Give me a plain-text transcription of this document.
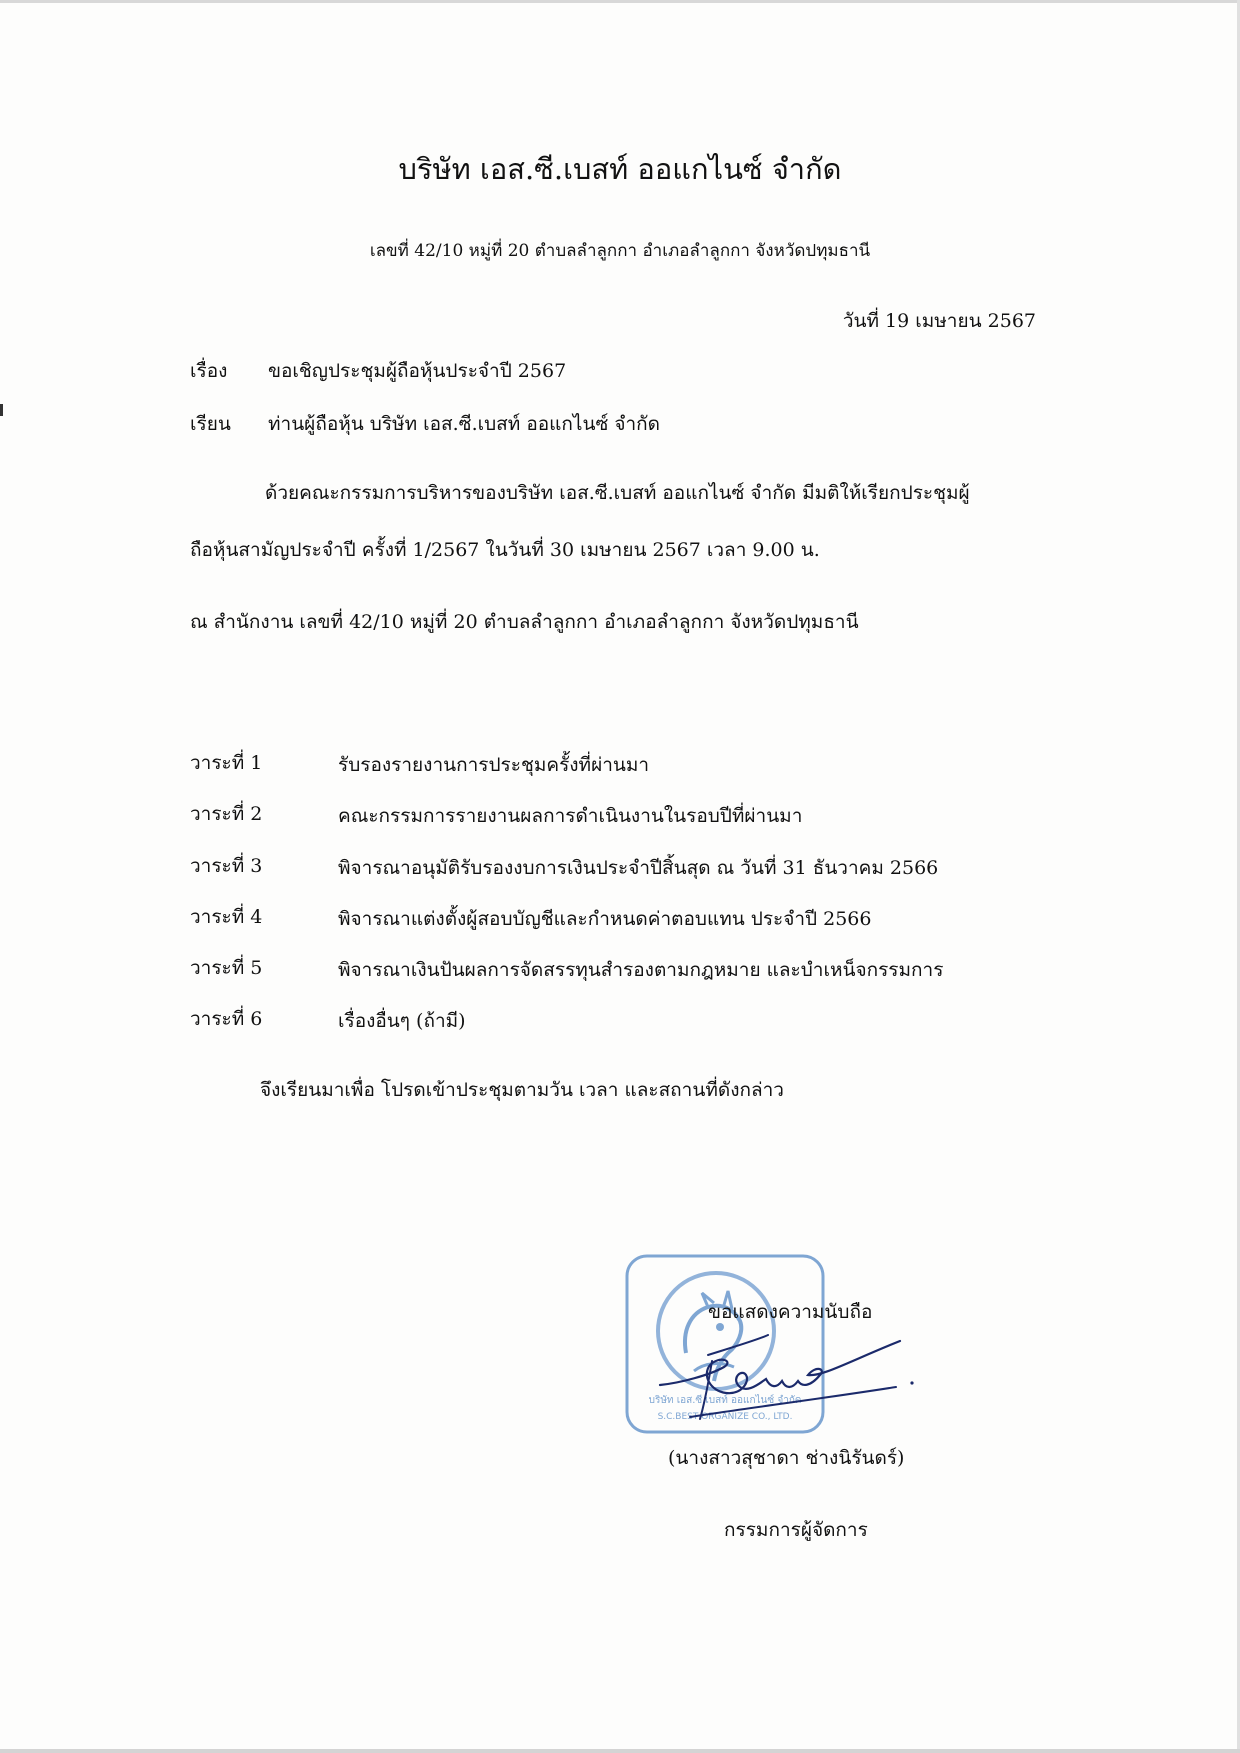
บริษัท เอส.ซี.เบสท์ ออแกไนซ์ จำกัด
เลขที่ 42/10 หมู่ที่ 20 ตำบลลำลูกกา อำเภอลำลูกกา จังหวัดปทุมธานี
วันที่ 19 เมษายน 2567
เรื่อง ขอเชิญประชุมผู้ถือหุ้นประจำปี 2567
เรียน ท่านผู้ถือหุ้น บริษัท เอส.ซี.เบสท์ ออแกไนซ์ จำกัด
ด้วยคณะกรรมการบริหารของบริษัท เอส.ซี.เบสท์ ออแกไนซ์ จำกัด มีมติให้เรียกประชุมผู้
ถือหุ้นสามัญประจำปี ครั้งที่ 1/2567 ในวันที่ 30 เมษายน 2567 เวลา 9.00 น.
ณ สำนักงาน เลขที่ 42/10 หมู่ที่ 20 ตำบลลำลูกกา อำเภอลำลูกกา จังหวัดปทุมธานี
วาระที่ 1	รับรองรายงานการประชุมครั้งที่ผ่านมา
วาระที่ 2	คณะกรรมการรายงานผลการดำเนินงานในรอบปีที่ผ่านมา
วาระที่ 3	พิจารณาอนุมัติรับรองงบการเงินประจำปีสิ้นสุด ณ วันที่ 31 ธันวาคม 2566
วาระที่ 4	พิจารณาแต่งตั้งผู้สอบบัญชีและกำหนดค่าตอบแทน ประจำปี 2566
วาระที่ 5	พิจารณาเงินปันผลการจัดสรรทุนสำรองตามกฎหมาย และบำเหน็จกรรมการ
วาระที่ 6	เรื่องอื่นๆ (ถ้ามี)
จึงเรียนมาเพื่อ โปรดเข้าประชุมตามวัน เวลา และสถานที่ดังกล่าว
บริษัท เอส.ซี.เบสท์ ออแกไนซ์ จำกัด
S.C.BEST ORGANIZE CO., LTD.
ขอแสดงความนับถือ
(นางสาวสุชาดา ช่างนิรันดร์)
กรรมการผู้จัดการ
